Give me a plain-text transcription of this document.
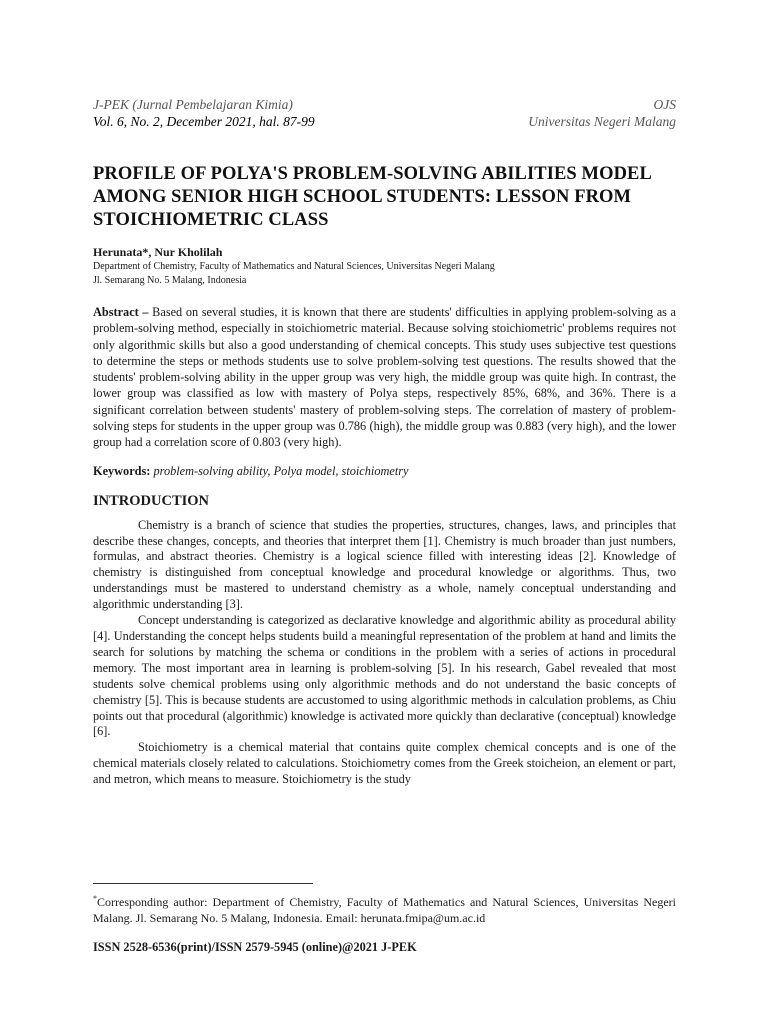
J-PEK (Jurnal Pembelajaran Kimia)
Vol. 6, No. 2, December 2021, hal. 87-99
OJS
Universitas Negeri Malang
PROFILE OF POLYA'S PROBLEM-SOLVING ABILITIES MODEL AMONG SENIOR HIGH SCHOOL STUDENTS: LESSON FROM STOICHIOMETRIC CLASS
Herunata*, Nur Kholilah
Department of Chemistry, Faculty of Mathematics and Natural Sciences, Universitas Negeri Malang
Jl. Semarang No. 5 Malang, Indonesia
Abstract – Based on several studies, it is known that there are students' difficulties in applying problem-solving as a problem-solving method, especially in stoichiometric material. Because solving stoichiometric' problems requires not only algorithmic skills but also a good understanding of chemical concepts. This study uses subjective test questions to determine the steps or methods students use to solve problem-solving test questions. The results showed that the students' problem-solving ability in the upper group was very high, the middle group was quite high. In contrast, the lower group was classified as low with mastery of Polya steps, respectively 85%, 68%, and 36%. There is a significant correlation between students' mastery of problem-solving steps. The correlation of mastery of problem-solving steps for students in the upper group was 0.786 (high), the middle group was 0.883 (very high), and the lower group had a correlation score of 0.803 (very high).
Keywords: problem-solving ability, Polya model, stoichiometry
INTRODUCTION

Chemistry is a branch of science that studies the properties, structures, changes, laws, and principles that describe these changes, concepts, and theories that interpret them [1]. Chemistry is much broader than just numbers, formulas, and abstract theories. Chemistry is a logical science filled with interesting ideas [2]. Knowledge of chemistry is distinguished from conceptual knowledge and procedural knowledge or algorithms. Thus, two understandings must be mastered to understand chemistry as a whole, namely conceptual understanding and algorithmic understanding [3].

Concept understanding is categorized as declarative knowledge and algorithmic ability as procedural ability [4]. Understanding the concept helps students build a meaningful representation of the problem at hand and limits the search for solutions by matching the schema or conditions in the problem with a series of actions in procedural memory. The most important area in learning is problem-solving [5]. In his research, Gabel revealed that most students solve chemical problems using only algorithmic methods and do not understand the basic concepts of chemistry [5]. This is because students are accustomed to using algorithmic methods in calculation problems, as Chiu points out that procedural (algorithmic) knowledge is activated more quickly than declarative (conceptual) knowledge [6].

Stoichiometry is a chemical material that contains quite complex chemical concepts and is one of the chemical materials closely related to calculations. Stoichiometry comes from the Greek stoicheion, an element or part, and metron, which means to measure. Stoichiometry is the study

*Corresponding author: Department of Chemistry, Faculty of Mathematics and Natural Sciences, Universitas Negeri Malang. Jl. Semarang No. 5 Malang, Indonesia. Email: herunata.fmipa@um.ac.id
ISSN 2528-6536(print)/ISSN 2579-5945 (online)@2021 J-PEK
